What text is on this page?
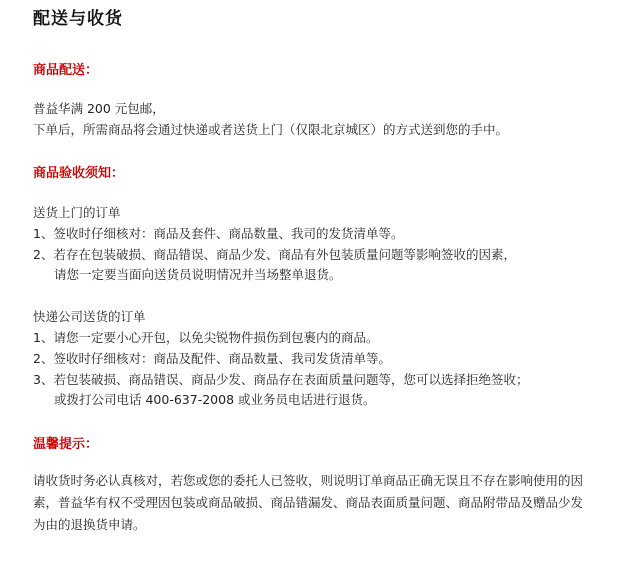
配送与收货
商品配送：
普益华满 200 元包邮，
下单后，所需商品将会通过快递或者送货上门（仅限北京城区）的方式送到您的手中。
商品验收须知：
送货上门的订单
1、签收时仔细核对：商品及套件、商品数量、我司的发货清单等。
2、若存在包装破损、商品错误、商品少发、商品有外包装质量问题等影响签收的因素，
请您一定要当面向送货员说明情况并当场整单退货。
快递公司送货的订单
1、请您一定要小心开包，以免尖锐物件损伤到包裹内的商品。
2、签收时仔细核对：商品及配件、商品数量、我司发货清单等。
3、若包装破损、商品错误、商品少发、商品存在表面质量问题等，您可以选择拒绝签收；
或拨打公司电话 400-637-2008 或业务员电话进行退货。
温馨提示：
请收货时务必认真核对，若您或您的委托人已签收，则说明订单商品正确无误且不存在影响使用的因素，普益华有权不受理因包装或商品破损、商品错漏发、商品表面质量问题、商品附带品及赠品少发为由的退换货申请。
